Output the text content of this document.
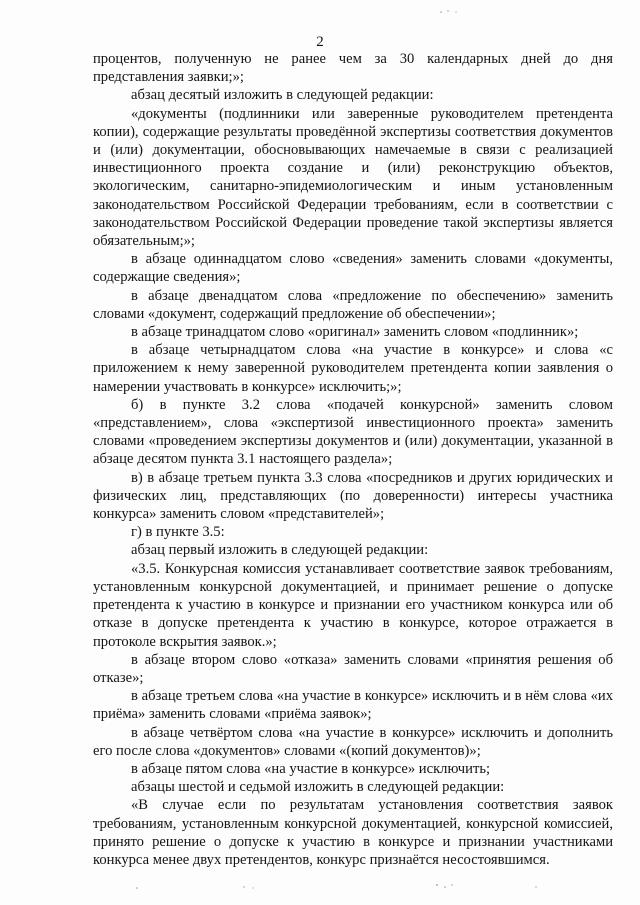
2

процентов, полученную не ранее чем за 30 календарных дней до дня представления заявки;»;

абзац десятый изложить в следующей редакции:

«документы (подлинники или заверенные руководителем претендента копии), содержащие результаты проведённой экспертизы соответствия документов и (или) документации, обосновывающих намечаемые в связи с реализацией инвестиционного проекта создание и (или) реконструкцию объектов, экологическим, санитарно-эпидемиологическим и иным установленным законодательством Российской Федерации требованиям, если в соответствии с законодательством Российской Федерации проведение такой экспертизы является обязательным;»;

в абзаце одиннадцатом слово «сведения» заменить словами «документы, содержащие сведения»;

в абзаце двенадцатом слова «предложение по обеспечению» заменить словами «документ, содержащий предложение об обеспечении»;

в абзаце тринадцатом слово «оригинал» заменить словом «подлинник»;

в абзаце четырнадцатом слова «на участие в конкурсе» и слова «с приложением к нему заверенной руководителем претендента копии заявления о намерении участвовать в конкурсе» исключить;»;

б) в пункте 3.2 слова «подачей конкурсной» заменить словом «представлением», слова «экспертизой инвестиционного проекта» заменить словами «проведением экспертизы документов и (или) документации, указанной в абзаце десятом пункта 3.1 настоящего раздела»;

в) в абзаце третьем пункта 3.3 слова «посредников и других юридических и физических лиц, представляющих (по доверенности) интересы участника конкурса» заменить словом «представителей»;

г) в пункте 3.5:

абзац первый изложить в следующей редакции:

«3.5. Конкурсная комиссия устанавливает соответствие заявок требованиям, установленным конкурсной документацией, и принимает решение о допуске претендента к участию в конкурсе и признании его участником конкурса или об отказе в допуске претендента к участию в конкурсе, которое отражается в протоколе вскрытия заявок.»;

в абзаце втором слово «отказа» заменить словами «принятия решения об отказе»;

в абзаце третьем слова «на участие в конкурсе» исключить и в нём слова «их приёма» заменить словами «приёма заявок»;

в абзаце четвёртом слова «на участие в конкурсе» исключить и дополнить его после слова «документов» словами «(копий документов)»;

в абзаце пятом слова «на участие в конкурсе» исключить;

абзацы шестой и седьмой изложить в следующей редакции:

«В случае если по результатам установления соответствия заявок требованиям, установленным конкурсной документацией, конкурсной комиссией, принято решение о допуске к участию в конкурсе и признании участниками конкурса менее двух претендентов, конкурс признаётся несостоявшимся.
